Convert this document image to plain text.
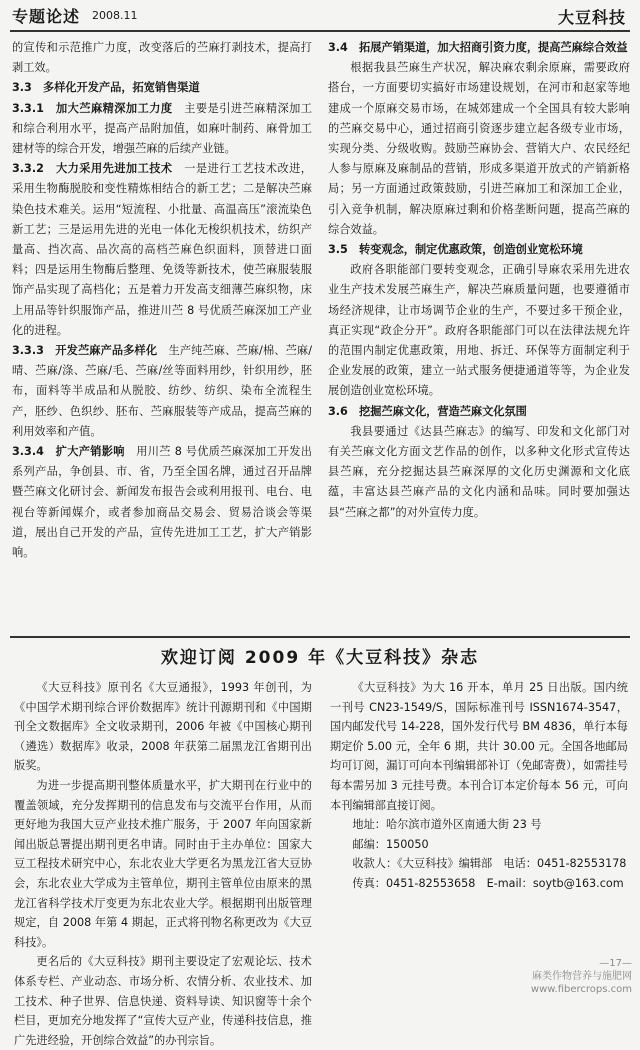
专题论述 2008.11	大豆科技

的宣传和示范推广力度，改变落后的苎麻打剥技术，提高打剥工效。

3.3　多样化开发产品，拓宽销售渠道

3.3.1　加大苎麻精深加工力度　 主要是引进苎麻精深加工和综合利用水平，提高产品附加值，如麻叶制药、麻骨加工建材等的综合开发，增强苎麻的后续产业链。

3.3.2　大力采用先进加工技术　 一是进行工艺技术改进，采用生物酶脱胶和变性精炼相结合的新工艺；二是解决苎麻染色技术难关。运用“短流程、小批量、高温高压”滚流染色新工艺；三是运用先进的光电一体化无梭织机技术，纺织产量高、挡次高、品次高的高档苎麻色织面料，顶替进口面料；四是运用生物酶后整理、免烫等新技术，使苎麻服装服饰产品实现了高档化；五是着力开发高支细薄苎麻织物，床上用品等针织服饰产品，推进川苎 8 号优质苎麻深加工产业化的进程。

3.3.3　开发苎麻产品多样化　 生产纯苎麻、苎麻/棉、苎麻/晴、苎麻/涤、苎麻/毛、苎麻/丝等面料用纱，针织用纱，胚布，面料等半成品和从脱胶、纺纱、纺织、染布全流程生产，胚纱、色织纱、胚布、苎麻服装等产成品，提高苎麻的利用效率和产值。

3.3.4　扩大产销影响　 用川苎 8 号优质苎麻深加工开发出系列产品，争创县、市、省，乃至全国名牌，通过召开品牌暨苎麻文化研讨会、新闻发布报告会或利用报刊、电台、电视台等新闻媒介，或者参加商品交易会、贸易洽谈会等渠道，展出自己开发的产品，宣传先进加工工艺，扩大产销影响。

3.4　拓展产销渠道，加大招商引资力度，提高苎麻综合效益

根据我县苎麻生产状况，解决麻农剩余原麻，需要政府搭台，一方面要切实搞好市场建设规划，在河市和赵家等地建成一个原麻交易市场，在城郊建成一个全国具有较大影响的苎麻交易中心，通过招商引资逐步建立起各级专业市场，实现分类、分级收购。鼓励苎麻协会、营销大户、农民经纪人参与原麻及麻制品的营销，形成多渠道开放式的产销新格局；另一方面通过政策鼓励，引进苎麻加工和深加工企业，引入竞争机制，解决原麻过剩和价格垄断问题，提高苎麻的综合效益。

3.5　转变观念，制定优惠政策，创造创业宽松环境

政府各职能部门要转变观念，正确引导麻农采用先进农业生产技术发展苎麻生产，解决苎麻质量问题，也要遵循市场经济规律，让市场调节企业的生产，不要过多干预企业，真正实现“政企分开”。政府各职能部门可以在法律法规允许的范围内制定优惠政策，用地、拆迁、环保等方面制定利于企业发展的政策，建立一站式服务便捷通道等等，为企业发展创造创业宽松环境。

3.6　挖掘苎麻文化，营造苎麻文化氛围

我县要通过《达县苎麻志》的编写、印发和文化部门对有关苎麻文化方面文艺作品的创作，以多种文化形式宣传达县苎麻，充分挖掘达县苎麻深厚的文化历史渊源和文化底蕴，丰富达县苎麻产品的文化内涵和品味。同时要加强达县“苎麻之都”的对外宣传力度。

欢迎订阅 2009 年《大豆科技》杂志

《大豆科技》原刊名《大豆通报》，1993 年创刊，为《中国学术期刊综合评价数据库》统计刊源期刊和《中国期刊全文数据库》全文收录期刊，2006 年被《中国核心期刊（遴选）数据库》收录，2008 年获第二届黑龙江省期刊出版奖。

为进一步提高期刊整体质量水平，扩大期刊在行业中的覆盖领域，充分发挥期刊的信息发布与交流平台作用，从而更好地为我国大豆产业技术推广服务，于 2007 年向国家新闻出版总署提出期刊更名申请。同时由于主办单位：国家大豆工程技术研究中心，东北农业大学更名为黑龙江省大豆协会，东北农业大学成为主管单位，期刊主管单位由原来的黑龙江省科学技术厅变更为东北农业大学。根据期刊出版管理规定，自 2008 年第 4 期起，正式将刊物名称更改为《大豆科技》。

更名后的《大豆科技》期刊主要设定了宏观论坛、技术体系专栏、产业动态、市场分析、农情分析、农业技术、加工技术、种子世界、信息快递、资料导读、知识窗等十余个栏目，更加充分地发挥了“宣传大豆产业，传递科技信息，推广先进经验，开创综合效益”的办刊宗旨。

《大豆科技》为大 16 开本，单月 25 日出版。国内统一刊号 CN23-1549/S，国际标准刊号 ISSN1674-3547，国内邮发代号 14-228，国外发行代号 BM 4836，单行本每期定价 5.00 元，全年 6 期，共计 30.00 元。全国各地邮局均可订阅，漏订可向本刊编辑部补订（免邮寄费），如需挂号每本需另加 3 元挂号费。本刊合订本定价每本 56 元，可向本刊编辑部直接订阅。

地址：哈尔滨市道外区南通大街 23 号

邮编：150050

收款人：《大豆科技》编辑部　电话：0451-82553178

传真：0451-82553658　E-mail：soytb@163.com

—17—
麻类作物营养与施肥网
www.fibercrops.com
